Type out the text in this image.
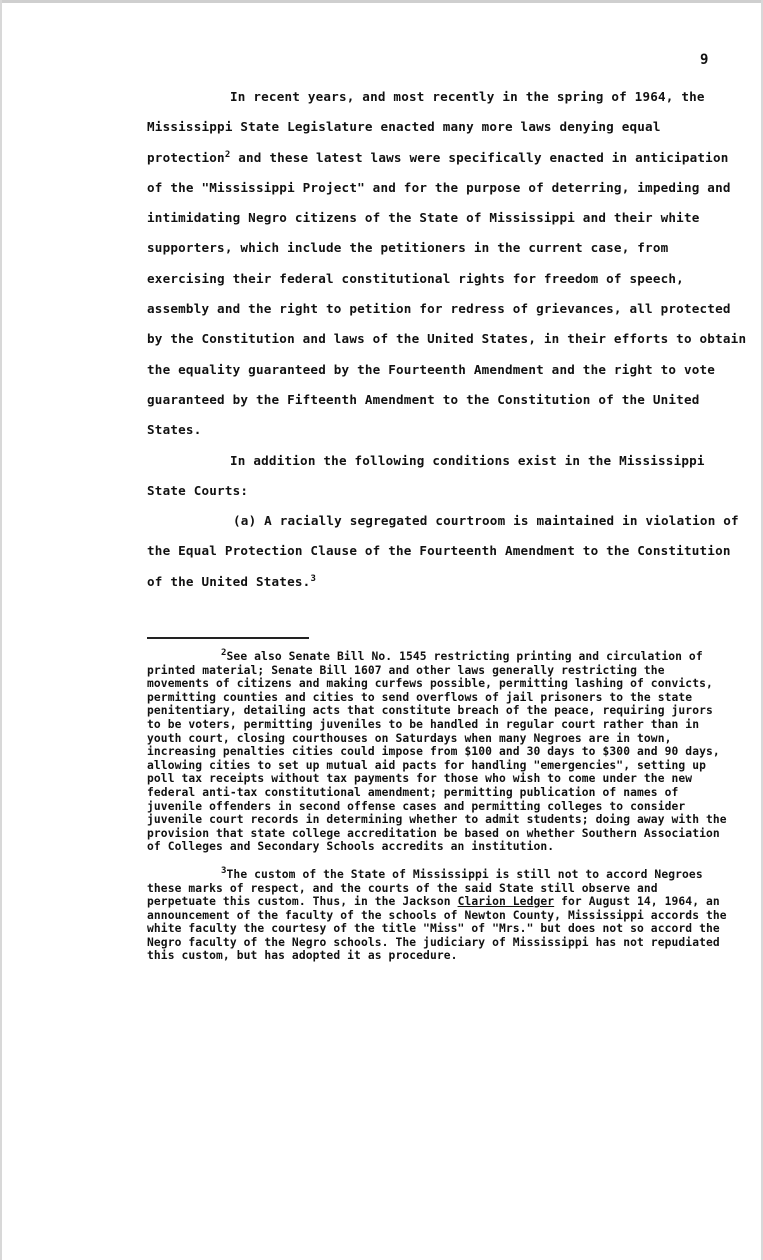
9

In recent years, and most recently in the spring of 1964, the Mississippi State Legislature enacted many more laws denying equal protection$^2$ and these latest laws were specifically enacted in anticipation of the "Mississippi Project" and for the purpose of deterring, impeding and intimidating Negro citizens of the State of Mississippi and their white supporters, which include the petitioners in the current case, from exercising their federal constitutional rights for freedom of speech, assembly and the right to petition for redress of grievances, all protected by the Constitution and laws of the United States, in their efforts to obtain the equality guaranteed by the Fourteenth Amendment and the right to vote guaranteed by the Fifteenth Amendment to the Constitution of the United States.

In addition the following conditions exist in the Mississippi State Courts:

(a) A racially segregated courtroom is maintained in violation of the Equal Protection Clause of the Fourteenth Amendment to the Constitution of the United States.$^3$

$^2$See also Senate Bill No. 1545 restricting printing and circulation of printed material; Senate Bill 1607 and other laws generally restricting the movements of citizens and making curfews possible, permitting lashing of convicts, permitting counties and cities to send overflows of jail prisoners to the state penitentiary, detailing acts that constitute breach of the peace, requiring jurors to be voters, permitting juveniles to be handled in regular court rather than in youth court, closing courthouses on Saturdays when many Negroes are in town, increasing penalties cities could impose from $100 and 30 days to $300 and 90 days, allowing cities to set up mutual aid pacts for handling "emergencies", setting up poll tax receipts without tax payments for those who wish to come under the new federal anti-tax constitutional amendment; permitting publication of names of juvenile offenders in second offense cases and permitting colleges to consider juvenile court records in determining whether to admit students; doing away with the provision that state college accreditation be based on whether Southern Association of Colleges and Secondary Schools accredits an institution.

$^3$The custom of the State of Mississippi is still not to accord Negroes these marks of respect, and the courts of the said State still observe and perpetuate this custom. Thus, in the Jackson Clarion Ledger for August 14, 1964, an announcement of the faculty of the schools of Newton County, Mississippi accords the white faculty the courtesy of the title "Miss" of "Mrs." but does not so accord the Negro faculty of the Negro schools. The judiciary of Mississippi has not repudiated this custom, but has adopted it as procedure.
